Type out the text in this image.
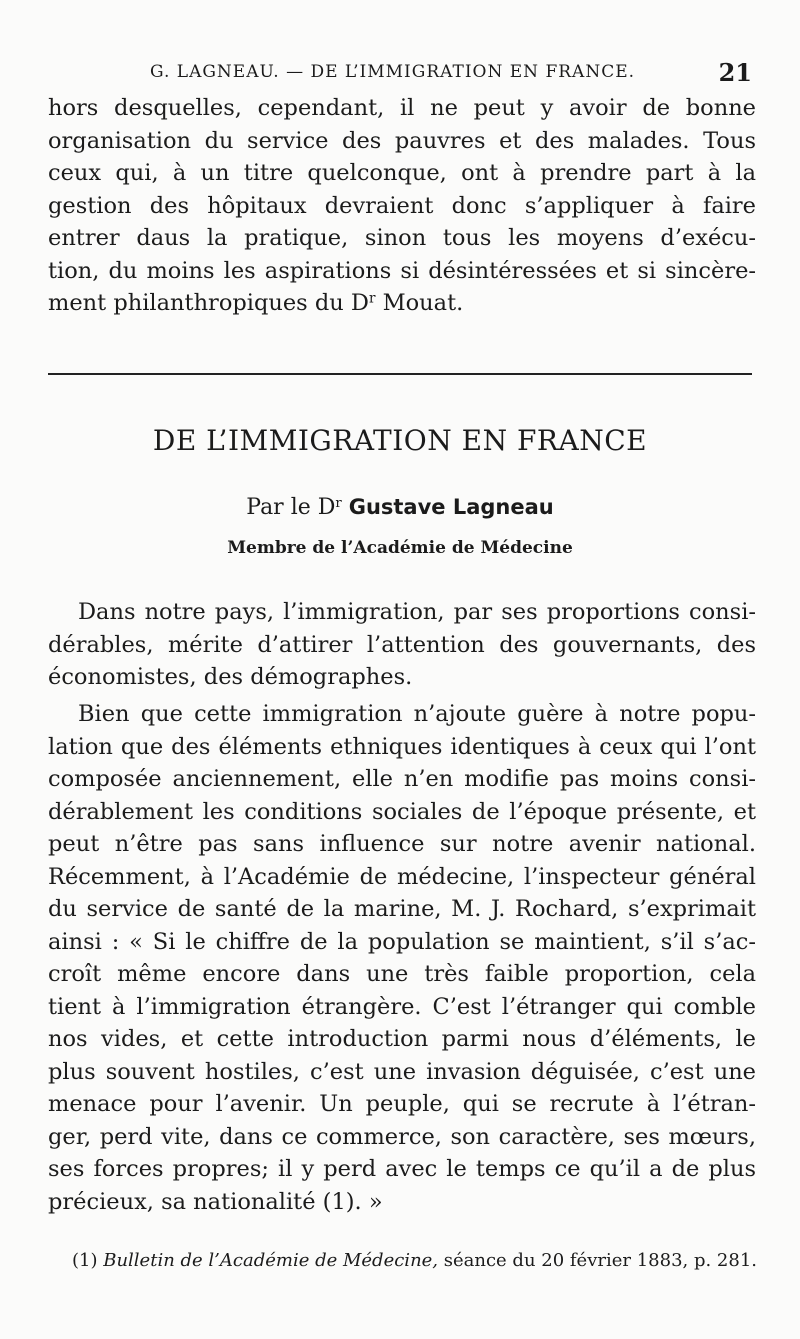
G. LAGNEAU. — DE L’IMMIGRATION EN FRANCE.	21
hors desquelles, cependant, il ne peut y avoir de bonne
organisation du service des pauvres et des malades. Tous
ceux qui, à un titre quelconque, ont à prendre part à la
gestion des hôpitaux devraient donc s’appliquer à faire
entrer daus la pratique, sinon tous les moyens d’exécu-
tion, du moins les aspirations si désintéressées et si sincère-
ment philanthropiques du $D^r$ Mouat.
DE L’IMMIGRATION EN FRANCE
Par le $D^r$ Gustave Lagneau
Membre de l’Académie de Médecine
Dans notre pays, l’immigration, par ses proportions consi-
dérables, mérite d’attirer l’attention des gouvernants, des
économistes, des démographes.
Bien que cette immigration n’ajoute guère à notre popu-
lation que des éléments ethniques identiques à ceux qui l’ont
composée anciennement, elle n’en modifie pas moins consi-
dérablement les conditions sociales de l’époque présente, et
peut n’être pas sans influence sur notre avenir national.
Récemment, à l’Académie de médecine, l’inspecteur général
du service de santé de la marine, M. J. Rochard, s’exprimait
ainsi : « Si le chiffre de la population se maintient, s’il s’ac-
croît même encore dans une très faible proportion, cela
tient à l’immigration étrangère. C’est l’étranger qui comble
nos vides, et cette introduction parmi nous d’éléments, le
plus souvent hostiles, c’est une invasion déguisée, c’est une
menace pour l’avenir. Un peuple, qui se recrute à l’étran-
ger, perd vite, dans ce commerce, son caractère, ses mœurs,
ses forces propres; il y perd avec le temps ce qu’il a de plus
précieux, sa nationalité (1). »
(1) Bulletin de l’Académie de Médecine, séance du 20 février 1883, p. 281.
